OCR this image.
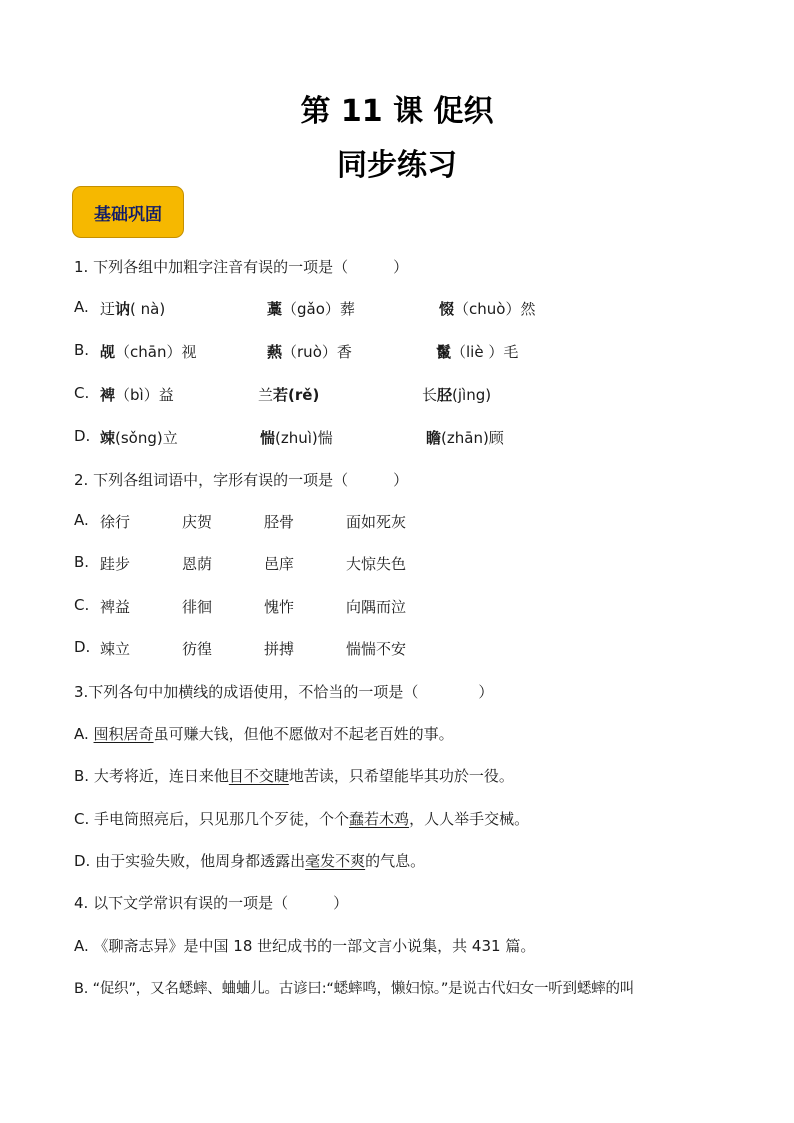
第 11 课 促织
同步练习
基础巩固
1. 下列各组中加粗字注音有误的一项是（　　　）
A. 迂讷( nà)	藁（gǎo）葬	惙（chuò）然
B. 觇（chān）视	爇（ruò）香	鬣（liè ）毛
C. 裨（bì）益	兰若(rě)	长胫(jìng)
D. 竦(sǒng)立	惴(zhuì)惴	瞻(zhān)顾
2. 下列各组词语中，字形有误的一项是（　　　）
A. 徐行	庆贺	胫骨	面如死灰
B. 跬步	恩荫	邑庠	大惊失色
C. 裨益	徘徊	愧怍	向隅而泣
D. 竦立	彷徨	拼搏	惴惴不安
3.下列各句中加横线的成语使用，不恰当的一项是（　　　　）
A. 囤积居奇虽可赚大钱，但他不愿做对不起老百姓的事。
B. 大考将近，连日来他目不交睫地苦读，只希望能毕其功於一役。
C. 手电筒照亮后，只见那几个歹徒，个个蠢若木鸡，人人举手交械。
D. 由于实验失败，他周身都透露出毫发不爽的气息。
4. 以下文学常识有误的一项是（　　　）
A. 《聊斋志异》是中国 18 世纪成书的一部文言小说集，共 431 篇。
B. “促织”，又名蟋蟀、蛐蛐儿。古谚曰:“蟋蟀鸣，懒妇惊。”是说古代妇女一听到蟋蟀的叫
